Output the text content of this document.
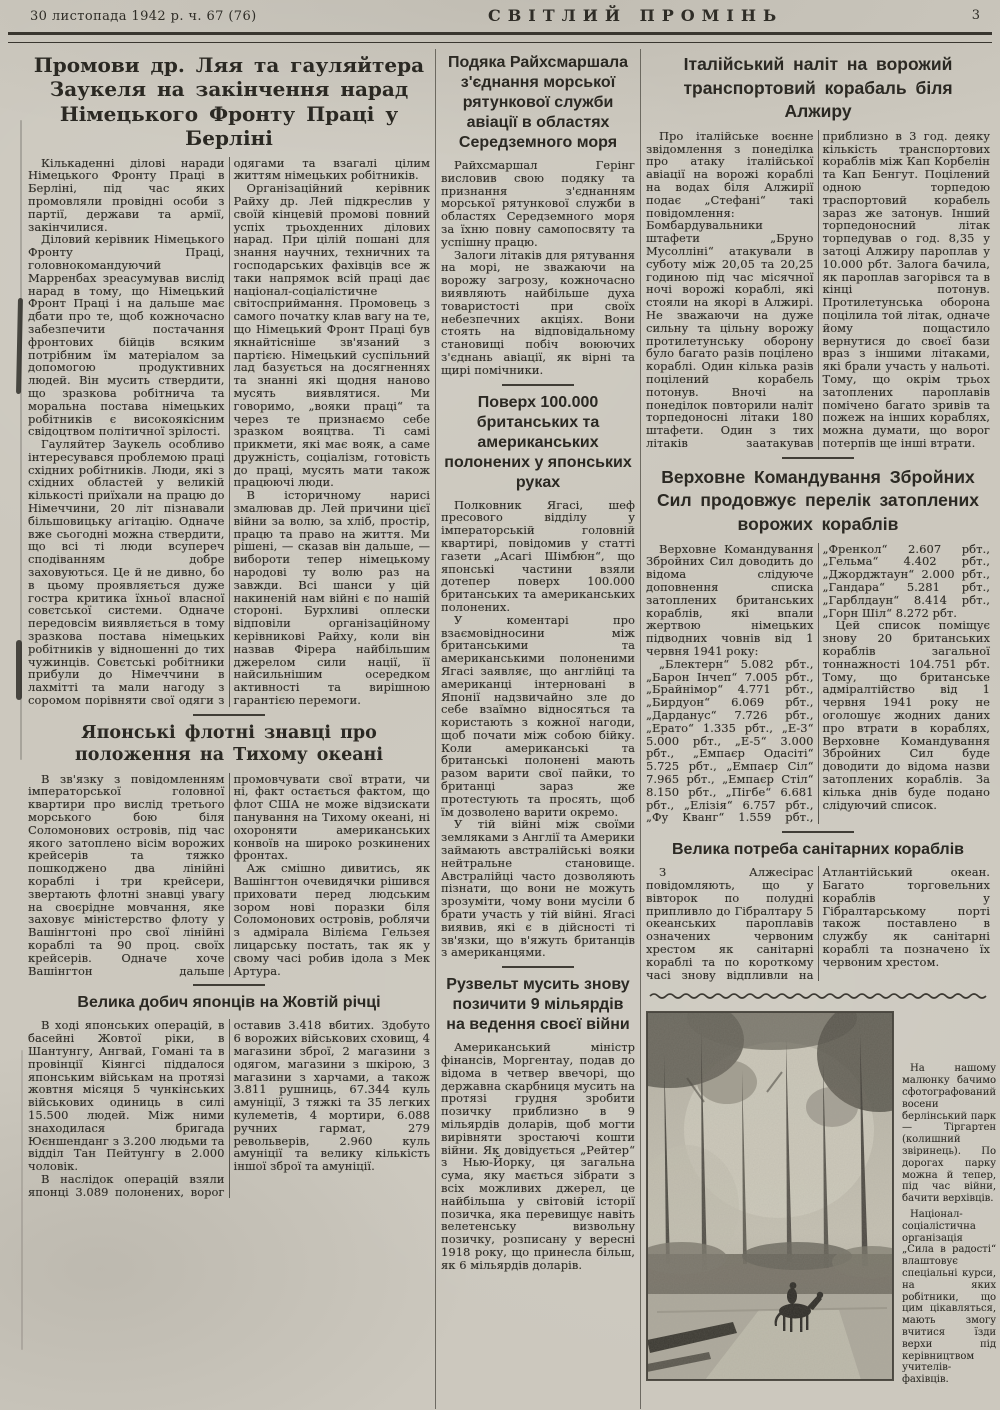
30 листопада 1942 р. ч. 67 (76)	СВІТЛИЙ ПРОМІНЬ	3
Промови др. Ляя та гауляйтера Заукеля на закінчення нарад Німецького Фронту Праці у Берліні

Кількаденні ділові наради Німецького Фронту Праці в Берліні, під час яких промовляли провідні особи з партії, держави та армії, закінчилися.

Діловий керівник Німецького Фронту Праці, головнокомандуючий Марренбах зреасумував вислід нарад в тому, що Німецький Фронт Праці і на дальше має дбати про те, щоб кожночасно забезпечити постачання фронтових бійців всяким потрібним їм матеріалом за допомогою продуктивних людей. Він мусить ствердити, що зразкова робітнича та моральна постава німецьких робітників є високоякісним свідоцтвом політичної зрілості.

Гауляйтер Заукель особливо інтересувався проблемою праці східних робітників. Люди, які з східних областей у великій кількості приїхали на працю до Німеччини, 20 літ пізнавали більшовицьку агітацію. Одначе вже сьогодні можна ствердити, що всі ті люди всупереч сподіванням добре заховуються. Це й не дивно, бо в цьому проявляється дуже гостра критика їхньої власної совєтської системи. Одначе передовсім виявляється в тому зразкова постава німецьких робітників у відношенні до тих чужинців. Совєтські робітники прибули до Німеччини в лахмітті та мали нагоду з соромом порівняти свої одяги з одягами та взагалі цілим життям німецьких робітників.

Організаційний керівник Райху др. Лей підкреслив у своїй кінцевій промові повний успіх трьохденних ділових нарад. При цілій пошані для знання научних, техничних та господарських фахівців все ж таки напрямок всій праці дає націонал-соціалістичне світосприймання. Промовець з самого початку клав вагу на те, що Німецький Фронт Праці був якнайтісніше зв'язаний з партією. Німецький суспільний лад базується на досягненнях та знанні які щодня наново мусять виявлятися. Ми говоримо, „вояки праці“ та через те признаємо себе зразком вояцтва. Ті самі прикмети, які має вояк, а саме дружність, соціалізм, готовість до праці, мусять мати також працюючі люди.

В історичному нарисі змалював др. Лей причини цієї війни за волю, за хліб, простір, працю та право на життя. Ми рішені, — сказав він дальше, — вибороти тепер німецькому народові ту волю раз на завжди. Всі шанси у цій накиненій нам війні є по нашій стороні. Бурхливі оплески відповіли організаційному керівникові Райху, коли він назвав Фірера найбільшим джерелом сили нації, її найсильнішим осередком активності та вирішною гарантією перемоги.

Японські флотні знавці про положення на Тихому океані

В зв'язку з повідомленням імператорської головної квартири про вислід третього морського бою біля Соломонових островів, під час якого затоплено вісім ворожих крейсерів та тяжко пошкоджено два лінійні кораблі і три крейсери, звертають флотні знавці увагу на своєрідне мовчання, яке заховує міністерство флоту у Вашінгтоні про свої лінійні кораблі та 90 проц. своїх крейсерів. Одначе хоче Вашінгтон дальше промовчувати свої втрати, чи ні, факт остається фактом, що флот США не може відзискати панування на Тихому океані, ні охороняти американських конвоїв на широко розкинених фронтах.

Аж смішно дивитись, як Вашінгтон очевидячки рішився приховати перед людським зором нові поразки біля Соломонових островів, роблячи з адмірала Вілієма Гельзея лицарську постать, так як у свому часі робив ідола з Мек Артура.

Велика добич японців на Жовтій річці

В ході японських операцій, в басейні Жовтої ріки, в Шантунгу, Ангвай, Гомані та в провінції Кіянгсі піддалося японським військам на протязі жовтня місяця 5 чункінських військових одиниць в силі 15.500 людей. Між ними знаходилася бригада Юєншенданг з 3.200 людьми та відділ Тан Пейтунгу в 2.000 чоловік.

В наслідок операцій взяли японці 3.089 полонених, ворог оставив 3.418 вбитих. Здобуто 6 ворожих військових сховищ, 4 магазини зброї, 2 магазини з одягом, магазини з шкірою, 3 магазини з харчами, а також 3.811 рушниць, 67.344 куль амуніції, 3 тяжкі та 35 легких кулеметів, 4 мортири, 6.088 ручних гармат, 279 револьверів, 2.960 куль амуніції та велику кількість іншої зброї та амуніції.

Подяка Райхсмаршала з'єднання морської рятункової служби авіації в областях Середземного моря

Райхсмаршал Герінг висловив свою подяку та признання з'єднанням морської рятункової служби в областях Середземного моря за їхню повну самопосвяту та успішну працю.

Залоги літаків для рятування на морі, не зважаючи на ворожу загрозу, кожночасно виявляють найбільше духа товаристості при своїх небезпечних акціях. Вони стоять на відповідальному становищі побіч воюючих з'єднань авіації, як вірні та щирі помічники.

Поверх 100.000 британських та американських полонених у японських руках

Полковник Ягасі, шеф пресового відділу у імператорській головній квартирі, повідомив у статті газети „Асагі Шімбюн“, що японські частини взяли дотепер поверх 100.000 британських та американських полонених.

У коментарі про взаємовідносини між британськими та американськими полоненими Ягасі заявляє, що англійці та американці інтерновані в Японії надзвичайно зле до себе взаїмно відносяться та користають з кожної нагоди, щоб почати між собою бійку. Коли американські та британські полонені мають разом варити свої пайки, то британці зараз же протестують та просять, щоб їм дозволено варити окремо.

У тій війні між своїми земляками з Англії та Америки займають австралійські вояки нейтральне становище. Австралійці часто дозволяють пізнати, що вони не можуть зрозуміти, чому вони мусіли б брати участь у тій війні. Ягасі виявив, які є в дійсності ті зв'язки, що в'яжуть британців з американцями.

Рузвельт мусить знову позичити 9 мільярдів на ведення своєї війни

Американський міністр фінансів, Моргентау, подав до відома в четвер ввечорі, що державна скарбниця мусить на протязі грудня зробити позичку приблизно в 9 мільярдів доларів, щоб могти вирівняти зростаючі кошти війни. Як довідується „Рейтер“ з Нью-Йорку, ця загальна сума, яку мається зібрати з всіх можливих джерел, це найбільша у світовій історії позичка, яка перевищує навіть велетенську визвольну позичку, розписану у вересні 1918 року, що принесла більш, як 6 мільярдів доларів.

Італійський наліт на ворожий транспортовий корабаль біля Алжиру

Про італійське воєнне звідомлення з понеділка про атаку італійської авіації на ворожі кораблі на водах біля Алжирії подає „Стефані“ такі повідомлення: Бомбардувальники штафети „Бруно Мусолліні“ атакували в суботу між 20,05 та 20,25 годиною під час місячної ночі ворожі кораблі, які стояли на якорі в Алжирі. Не зважаючи на дуже сильну та цільну ворожу протилетунську оборону було багато разів поцілено кораблі. Один кілька разів поцілений корабель потонув. Вночі на понеділок повторили наліт торпедоносні літаки 180 штафети. Один з тих літаків заатакував приблизно в 3 год. деяку кількість транспортових кораблів між Кап Корбелін та Кап Бенгут. Поцілений одною торпедою траспортовий корабель зараз же затонув. Інший торпедоносний літак торпедував о год. 8,35 у затоці Алжиру пароплав у 10.000 рбт. Залога бачила, як пароплав загорівся та в кінці потонув. Протилетунська оборона поцілила той літак, одначе йому пощастило вернутися до своєї бази враз з іншими літаками, які брали участь у нальоті. Тому, що окрім трьох затоплених пароплавів помічено багато зривів та пожеж на інших кораблях, можна думати, що ворог потерпів ще інші втрати.

Верховне Командування Збройних Сил продовжує перелік затоплених ворожих кораблів

Верховне Командування Збройних Сил доводить до відома слідуюче доповнення списка затоплених британських кораблів, які впали жертвою німецьких підводних човнів від 1 червня 1941 року:

„Блектерн“ 5.082 рбт., „Барон Інчеп“ 7.005 рбт., „Брайнімор“ 4.771 рбт., „Бирдуон“ 6.069 рбт., „Дарданус“ 7.726 рбт., „Ерато“ 1.335 рбт., „Е-3“ 5.000 рбт., „Е-5“ 3.000 рбт., „Емпаєр Одасіті“ 5.725 рбт., „Емпаєр Сіл“ 7.965 рбт., „Емпаєр Стіл“ 8.150 рбт., „Пігбе“ 6.681 рбт., „Елізія“ 6.757 рбт., „Фу Кванг“ 1.559 рбт., „Френкол“ 2.607 рбт., „Гельма“ 4.402 рбт., „Джорджтаун“ 2.000 рбт., „Гандара“ 5.281 рбт., „Гарблдаун“ 8.414 рбт., „Горн Шіл“ 8.272 рбт.

Цей список поміщує знову 20 британських кораблів загальної тоннажності 104.751 рбт. Тому, що британське адміралтійство від 1 червня 1941 року не оголошує жодних даних про втрати в кораблях, Верховне Командування Збройних Сил буде доводити до відома назви затоплених кораблів. За кілька днів буде подано слідуючий список.

Велика потреба санітарних кораблів

З Алжесірас повідомляють, що у вівторок по полудні припливло до Гібралтару 5 океанських пароплавів означених червоним хрестом як санітарні кораблі та по короткому часі знову відпливли на Атлантійський океан. Багато торговельних кораблів у Гібралтарському порті також поставлено в службу як санітарні кораблі та позначено їх червоним хрестом.

На нашому малюнку бачимо сфотографований восени берлінський парк — Тіргартен (колишний звіринець). По дорогах парку можна й тепер, під час війни, бачити верхівців.

Націонал-соціалістична організація „Сила в радості“ влаштовує спеціальні курси, на яких робітники, що цим цікавляться, мають змогу вчитися їзди верхи під керівництвом учителів-фахівців.
